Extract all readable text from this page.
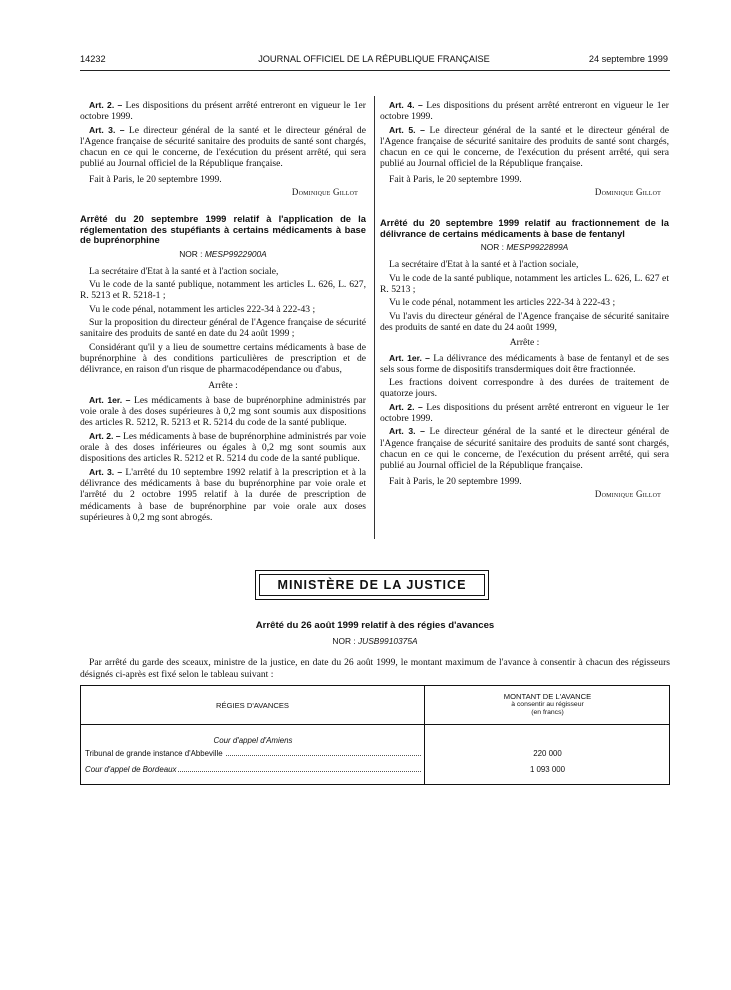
14232	JOURNAL OFFICIEL DE LA RÉPUBLIQUE FRANÇAISE	24 septembre 1999

Art. 2. – Les dispositions du présent arrêté entreront en vigueur le 1er octobre 1999.

Art. 3. – Le directeur général de la santé et le directeur général de l'Agence française de sécurité sanitaire des produits de santé sont chargés, chacun en ce qui le concerne, de l'exécution du présent arrêté, qui sera publié au Journal officiel de la République française.

Fait à Paris, le 20 septembre 1999.

Dominique Gillot

Arrêté du 20 septembre 1999 relatif à l'application de la réglementation des stupéfiants à certains médicaments à base de buprénorphine

NOR : MESP9922900A

La secrétaire d'Etat à la santé et à l'action sociale,

Vu le code de la santé publique, notamment les articles L. 626, L. 627, R. 5213 et R. 5218-1 ;

Vu le code pénal, notamment les articles 222-34 à 222-43 ;

Sur la proposition du directeur général de l'Agence française de sécurité sanitaire des produits de santé en date du 24 août 1999 ;

Considérant qu'il y a lieu de soumettre certains médicaments à base de buprénorphine à des conditions particulières de prescription et de délivrance, en raison d'un risque de pharmacodépendance ou d'abus,

Arrête :

Art. 1er. – Les médicaments à base de buprénorphine administrés par voie orale à des doses supérieures à 0,2 mg sont soumis aux dispositions des articles R. 5212, R. 5213 et R. 5214 du code de la santé publique.

Art. 2. – Les médicaments à base de buprénorphine administrés par voie orale à des doses inférieures ou égales à 0,2 mg sont soumis aux dispositions des articles R. 5212 et R. 5214 du code de la santé publique.

Art. 3. – L'arrêté du 10 septembre 1992 relatif à la prescription et à la délivrance des médicaments à base du buprénorphine par voie orale et l'arrêté du 2 octobre 1995 relatif à la durée de prescription de médicaments à base de buprénorphine par voie orale aux doses supérieures à 0,2 mg sont abrogés.

Art. 4. – Les dispositions du présent arrêté entreront en vigueur le 1er octobre 1999.

Art. 5. – Le directeur général de la santé et le directeur général de l'Agence française de sécurité sanitaire des produits de santé sont chargés, chacun en ce qui le concerne, de l'exécution du présent arrêté, qui sera publié au Journal officiel de la République française.

Fait à Paris, le 20 septembre 1999.

Dominique Gillot

Arrêté du 20 septembre 1999 relatif au fractionnement de la délivrance de certains médicaments à base de fentanyl

NOR : MESP9922899A

La secrétaire d'Etat à la santé et à l'action sociale,

Vu le code de la santé publique, notamment les articles L. 626, L. 627 et R. 5213 ;

Vu le code pénal, notamment les articles 222-34 à 222-43 ;

Vu l'avis du directeur général de l'Agence française de sécurité sanitaire des produits de santé en date du 24 août 1999,

Arrête :

Art. 1er. – La délivrance des médicaments à base de fentanyl et de ses sels sous forme de dispositifs transdermiques doit être fractionnée.

Les fractions doivent correspondre à des durées de traitement de quatorze jours.

Art. 2. – Les dispositions du présent arrêté entreront en vigueur le 1er octobre 1999.

Art. 3. – Le directeur général de la santé et le directeur général de l'Agence française de sécurité sanitaire des produits de santé sont chargés, chacun en ce qui le concerne, de l'exécution du présent arrêté, qui sera publié au Journal officiel de la République française.

Fait à Paris, le 20 septembre 1999.

Dominique Gillot

MINISTÈRE DE LA JUSTICE
Arrêté du 26 août 1999 relatif à des régies d'avances
NOR : JUSB9910375A
Par arrêté du garde des sceaux, ministre de la justice, en date du 26 août 1999, le montant maximum de l'avance à consentir à chacun des régisseurs désignés ci-après est fixé selon le tableau suivant :
RÉGIES D'AVANCES
MONTANT DE L'AVANCE
à consentir au régisseur
(en francs)
Cour d'appel d'Amiens
Tribunal de grande instance d'Abbeville	220 000
Cour d'appel de Bordeaux	1 093 000
